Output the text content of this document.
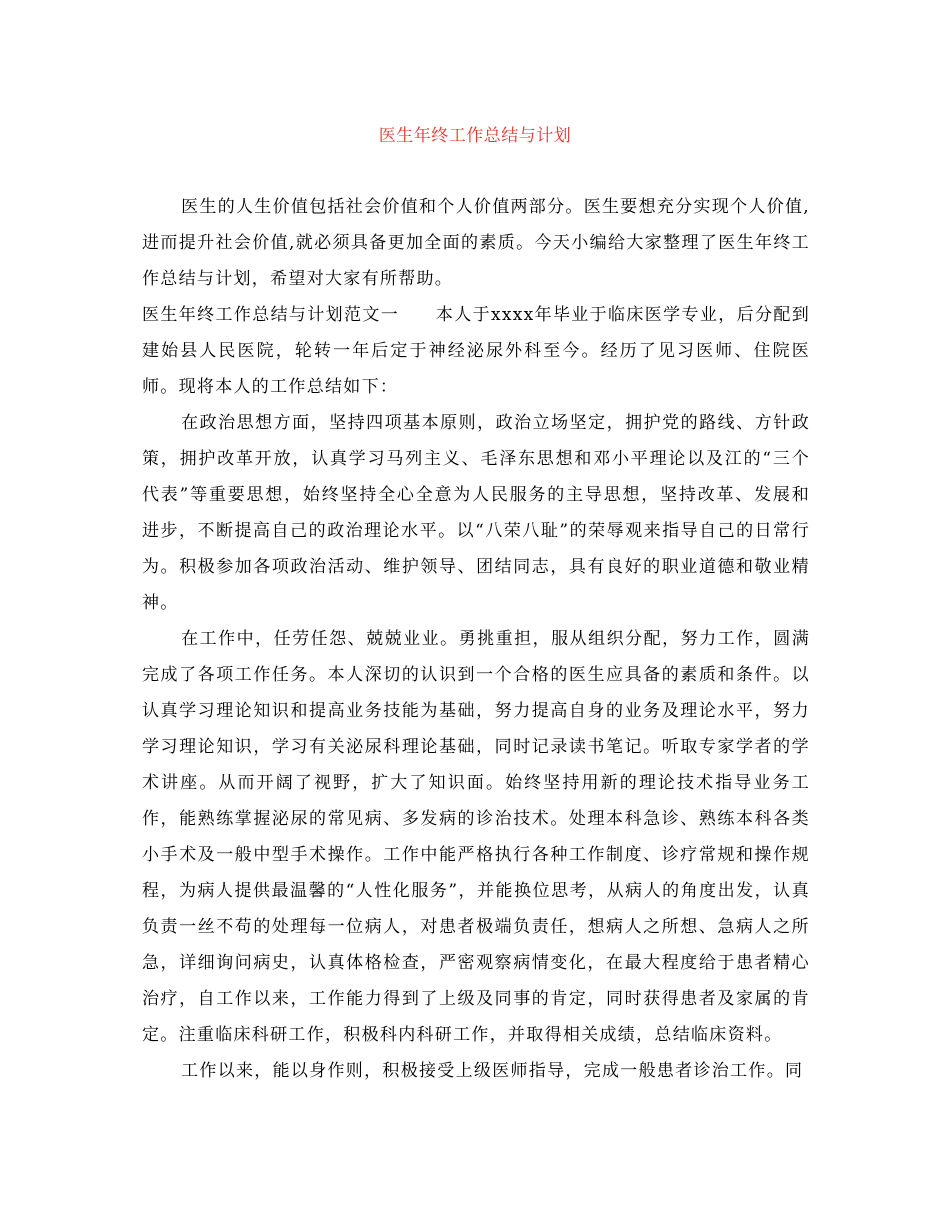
医生年终工作总结与计划

医生的人生价值包括社会价值和个人价值两部分。医生要想充分实现个人价值,进而提升社会价值,就必须具备更加全面的素质。今天小编给大家整理了医生年终工作总结与计划，希望对大家有所帮助。

医生年终工作总结与计划范文一　　本人于xxxx年毕业于临床医学专业，后分配到建始县人民医院，轮转一年后定于神经泌尿外科至今。经历了见习医师、住院医师。现将本人的工作总结如下：

在政治思想方面，坚持四项基本原则，政治立场坚定，拥护党的路线、方针政策，拥护改革开放，认真学习马列主义、毛泽东思想和邓小平理论以及江的“三个代表”等重要思想，始终坚持全心全意为人民服务的主导思想，坚持改革、发展和进步，不断提高自己的政治理论水平。以“八荣八耻”的荣辱观来指导自己的日常行为。积极参加各项政治活动、维护领导、团结同志，具有良好的职业道德和敬业精神。

在工作中，任劳任怨、兢兢业业。勇挑重担，服从组织分配，努力工作，圆满完成了各项工作任务。本人深切的认识到一个合格的医生应具备的素质和条件。以认真学习理论知识和提高业务技能为基础，努力提高自身的业务及理论水平，努力学习理论知识，学习有关泌尿科理论基础，同时记录读书笔记。听取专家学者的学术讲座。从而开阔了视野，扩大了知识面。始终坚持用新的理论技术指导业务工作，能熟练掌握泌尿的常见病、多发病的诊治技术。处理本科急诊、熟练本科各类小手术及一般中型手术操作。工作中能严格执行各种工作制度、诊疗常规和操作规程，为病人提供最温馨的“人性化服务”，并能换位思考，从病人的角度出发，认真负责一丝不苟的处理每一位病人，对患者极端负责任，想病人之所想、急病人之所急，详细询问病史，认真体格检查，严密观察病情变化，在最大程度给于患者精心治疗，自工作以来，工作能力得到了上级及同事的肯定，同时获得患者及家属的肯定。注重临床科研工作，积极科内科研工作，并取得相关成绩，总结临床资料。

工作以来，能以身作则，积极接受上级医师指导，完成一般患者诊治工作。同
